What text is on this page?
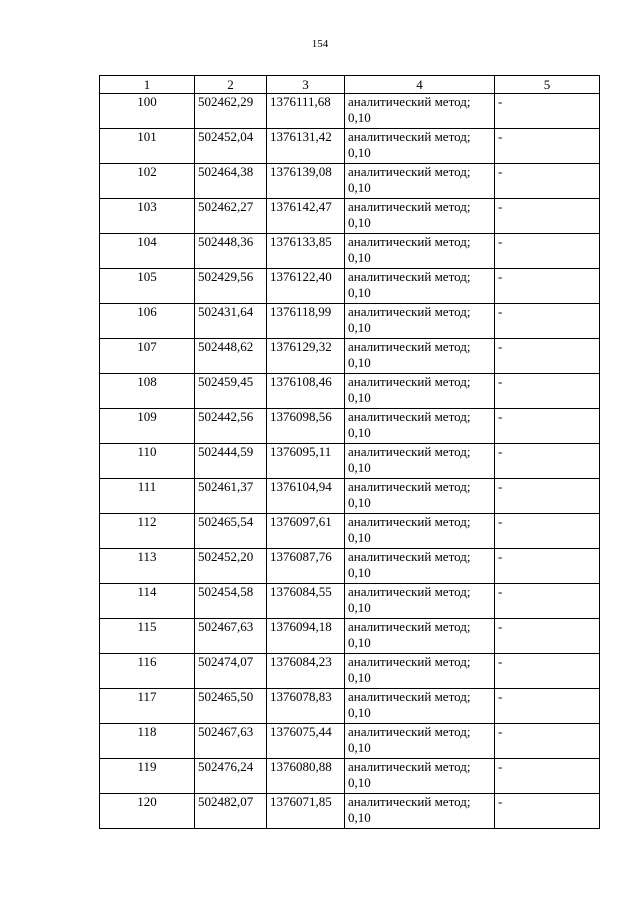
154
1	2	3	4	5
100	502462,29	1376111,68	аналитический метод; 0,10	-
101	502452,04	1376131,42	аналитический метод; 0,10	-
102	502464,38	1376139,08	аналитический метод; 0,10	-
103	502462,27	1376142,47	аналитический метод; 0,10	-
104	502448,36	1376133,85	аналитический метод; 0,10	-
105	502429,56	1376122,40	аналитический метод; 0,10	-
106	502431,64	1376118,99	аналитический метод; 0,10	-
107	502448,62	1376129,32	аналитический метод; 0,10	-
108	502459,45	1376108,46	аналитический метод; 0,10	-
109	502442,56	1376098,56	аналитический метод; 0,10	-
110	502444,59	1376095,11	аналитический метод; 0,10	-
111	502461,37	1376104,94	аналитический метод; 0,10	-
112	502465,54	1376097,61	аналитический метод; 0,10	-
113	502452,20	1376087,76	аналитический метод; 0,10	-
114	502454,58	1376084,55	аналитический метод; 0,10	-
115	502467,63	1376094,18	аналитический метод; 0,10	-
116	502474,07	1376084,23	аналитический метод; 0,10	-
117	502465,50	1376078,83	аналитический метод; 0,10	-
118	502467,63	1376075,44	аналитический метод; 0,10	-
119	502476,24	1376080,88	аналитический метод; 0,10	-
120	502482,07	1376071,85	аналитический метод; 0,10	-
